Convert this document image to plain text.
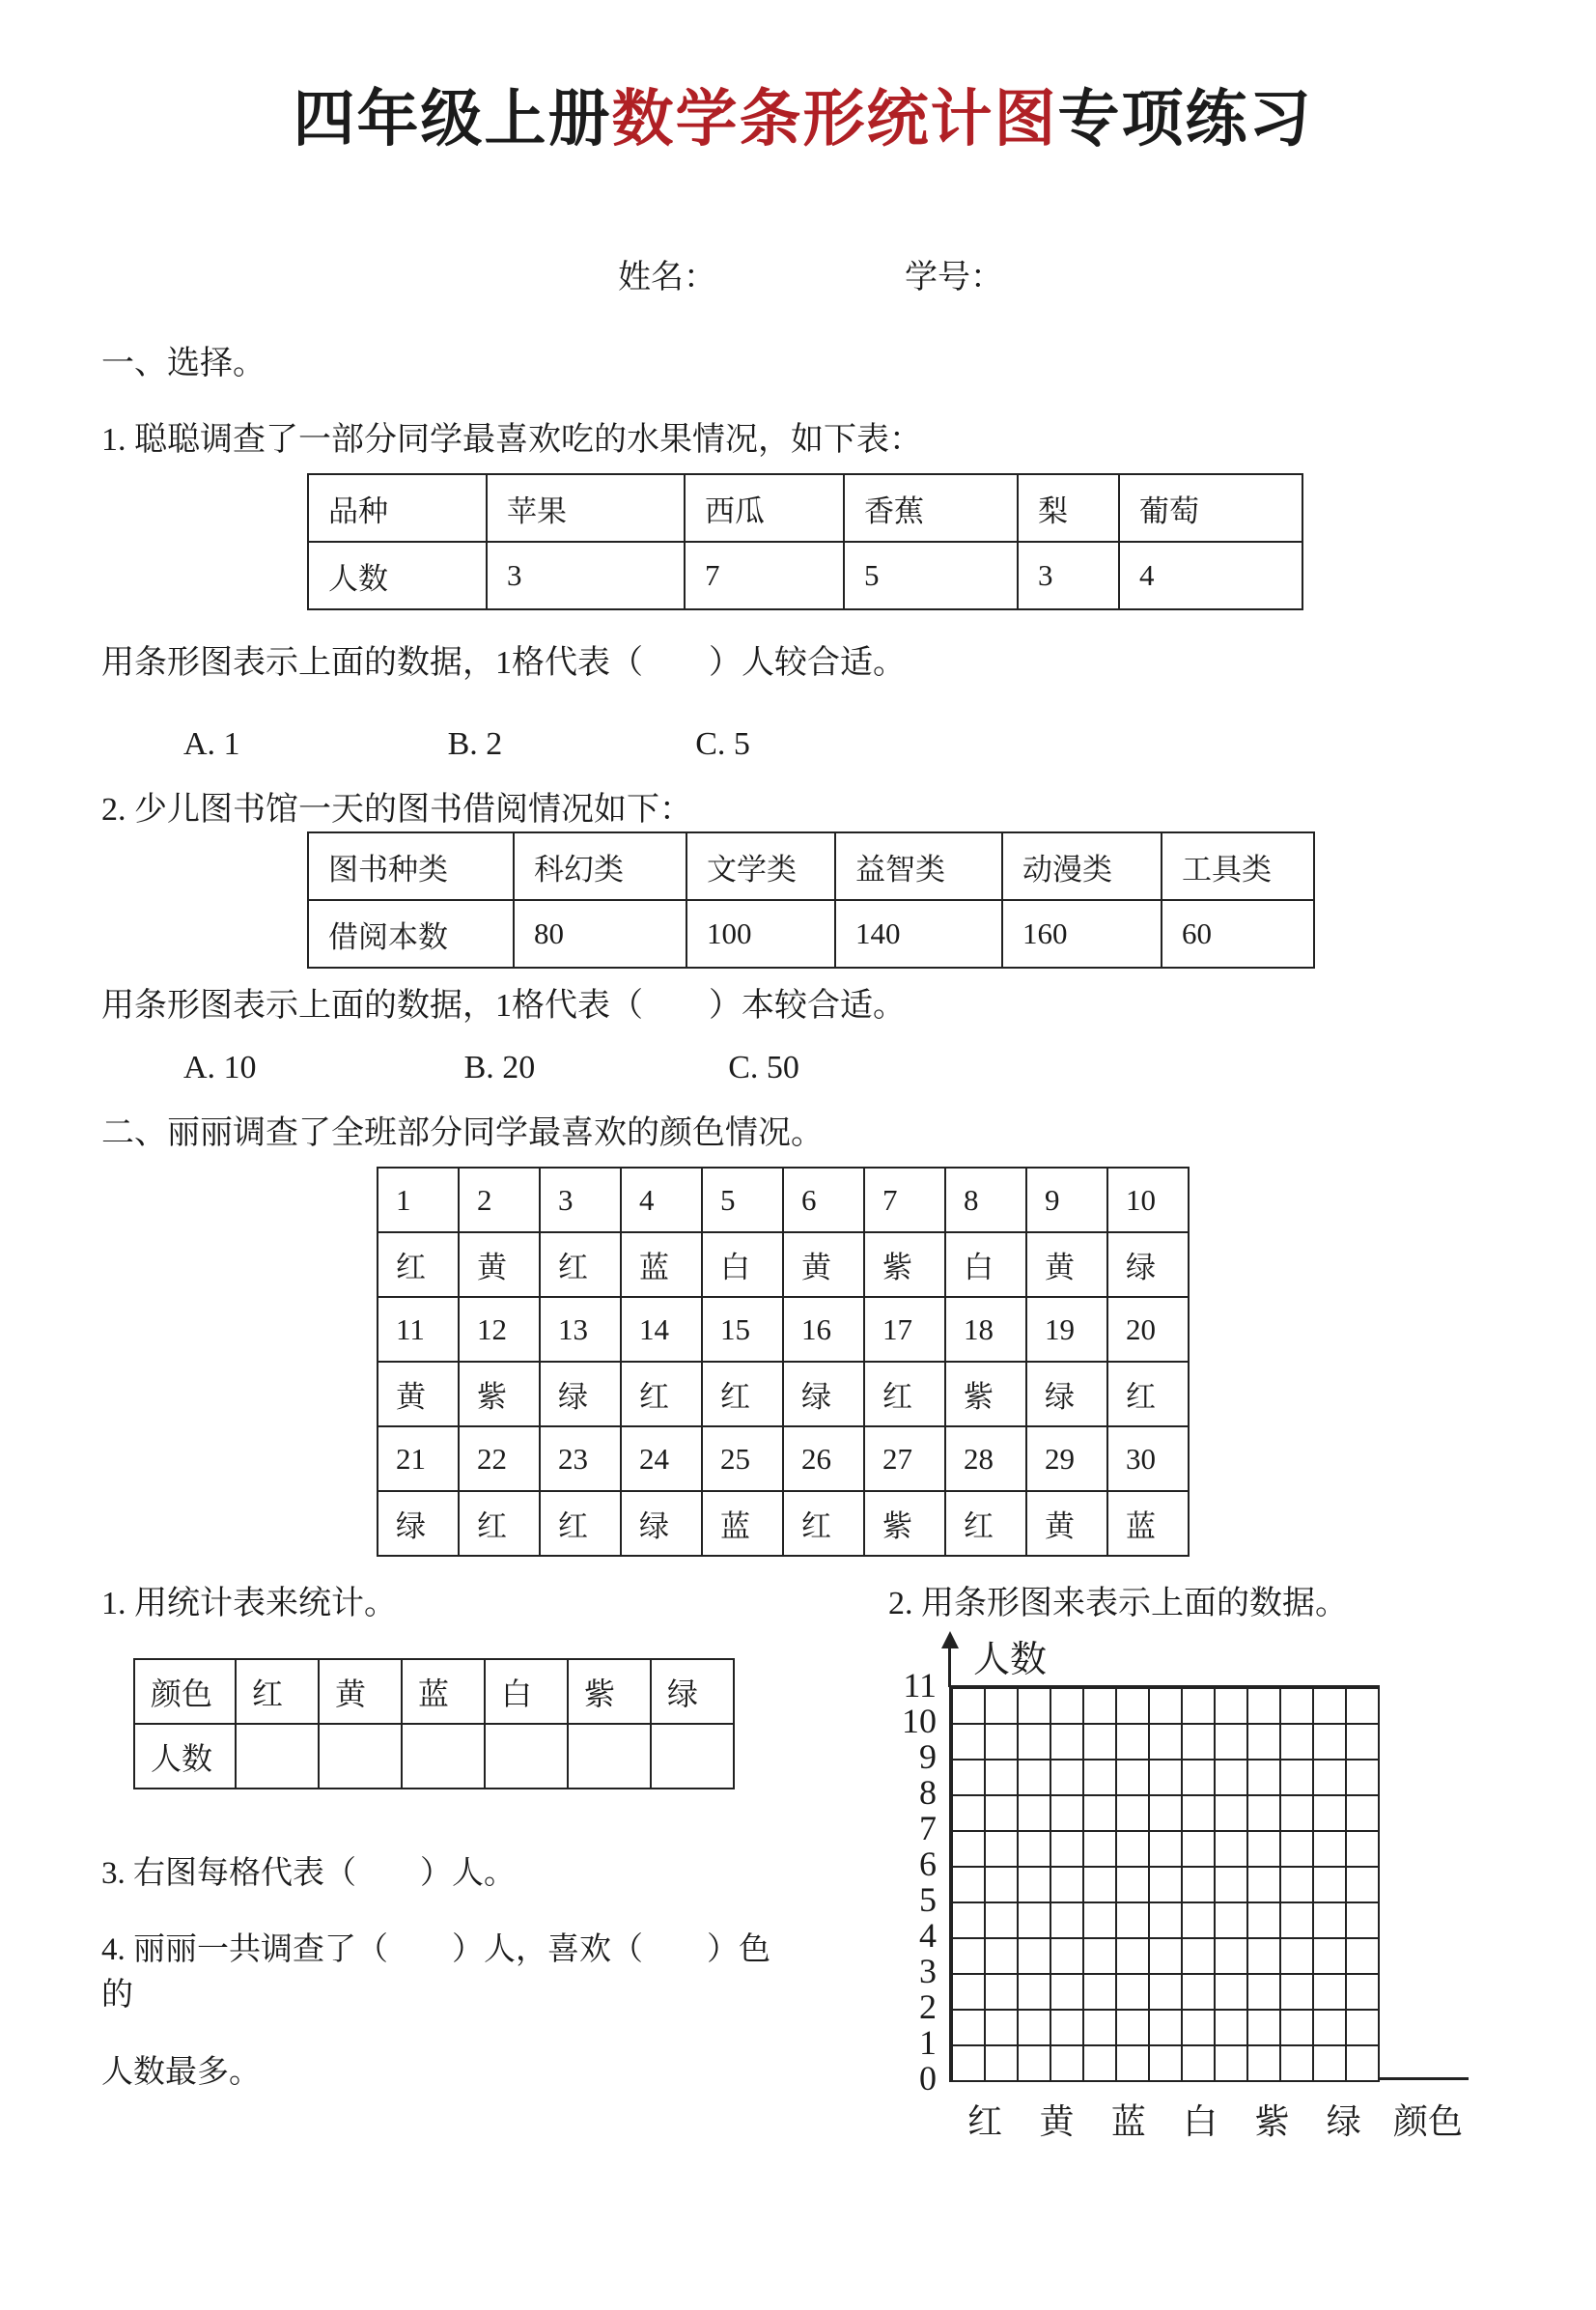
四年级上册数学条形统计图专项练习
姓名：	学号：
一、选择。
1. 聪聪调查了一部分同学最喜欢吃的水果情况，如下表：
品种	苹果	西瓜	香蕉	梨	葡萄
人数	3	7	5	3	4
用条形图表示上面的数据，1格代表（　　）人较合适。
A. 1	B. 2	C. 5
2. 少儿图书馆一天的图书借阅情况如下：
图书种类	科幻类	文学类	益智类	动漫类	工具类
借阅本数	80	100	140	160	60
用条形图表示上面的数据，1格代表（　　）本较合适。
A. 10	B. 20	C. 50
二、丽丽调查了全班部分同学最喜欢的颜色情况。
1	2	3	4	5	6	7	8	9	10
红	黄	红	蓝	白	黄	紫	白	黄	绿
11	12	13	14	15	16	17	18	19	20
黄	紫	绿	红	红	绿	红	紫	绿	红
21	22	23	24	25	26	27	28	29	30
绿	红	红	绿	蓝	红	紫	红	黄	蓝
1. 用统计表来统计。
颜色	红	黄	蓝	白	紫	绿
人数						
3. 右图每格代表（　　）人。
4. 丽丽一共调查了（　　）人，喜欢（　　）色的
人数最多。
2. 用条形图来表示上面的数据。
人数
11
10
9
8
7
6
5
4
3
2
1
0
红 黄 蓝 白 紫 绿 颜色
